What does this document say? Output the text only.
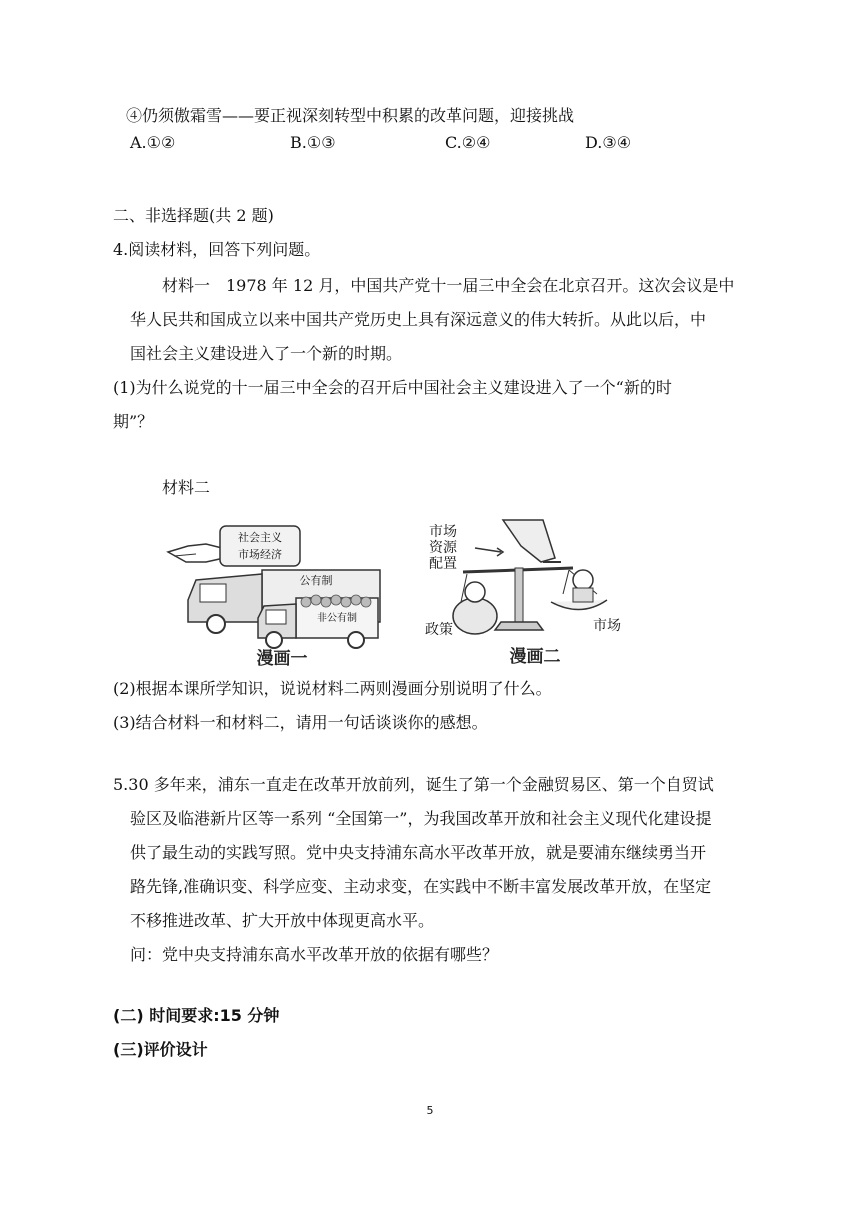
④仍须傲霜雪——要正视深刻转型中积累的改革问题，迎接挑战
A.①②	B.①③	C.②④	D.③④
二、非选择题(共 2 题)
4.阅读材料，回答下列问题。
材料一　1978 年 12 月，中国共产党十一届三中全会在北京召开。这次会议是中
华人民共和国成立以来中国共产党历史上具有深远意义的伟大转折。从此以后，中
国社会主义建设进入了一个新的时期。
(1)为什么说党的十一届三中全会的召开后中国社会主义建设进入了一个“新的时
期”？
材料二
社会主义
市场经济
公有制
非公有制
漫画一
市场
资源
配置
政策	市场
漫画二
(2)根据本课所学知识，说说材料二两则漫画分别说明了什么。
(3)结合材料一和材料二，请用一句话谈谈你的感想。
5.30 多年来，浦东一直走在改革开放前列，诞生了第一个金融贸易区、第一个自贸试
验区及临港新片区等一系列 “全国第一”，为我国改革开放和社会主义现代化建设提
供了最生动的实践写照。党中央支持浦东高水平改革开放，就是要浦东继续勇当开
路先锋,准确识变、科学应变、主动求变，在实践中不断丰富发展改革开放，在坚定
不移推进改革、扩大开放中体现更高水平。
问：党中央支持浦东高水平改革开放的依据有哪些？
(二) 时间要求:15 分钟
(三)评价设计
5
